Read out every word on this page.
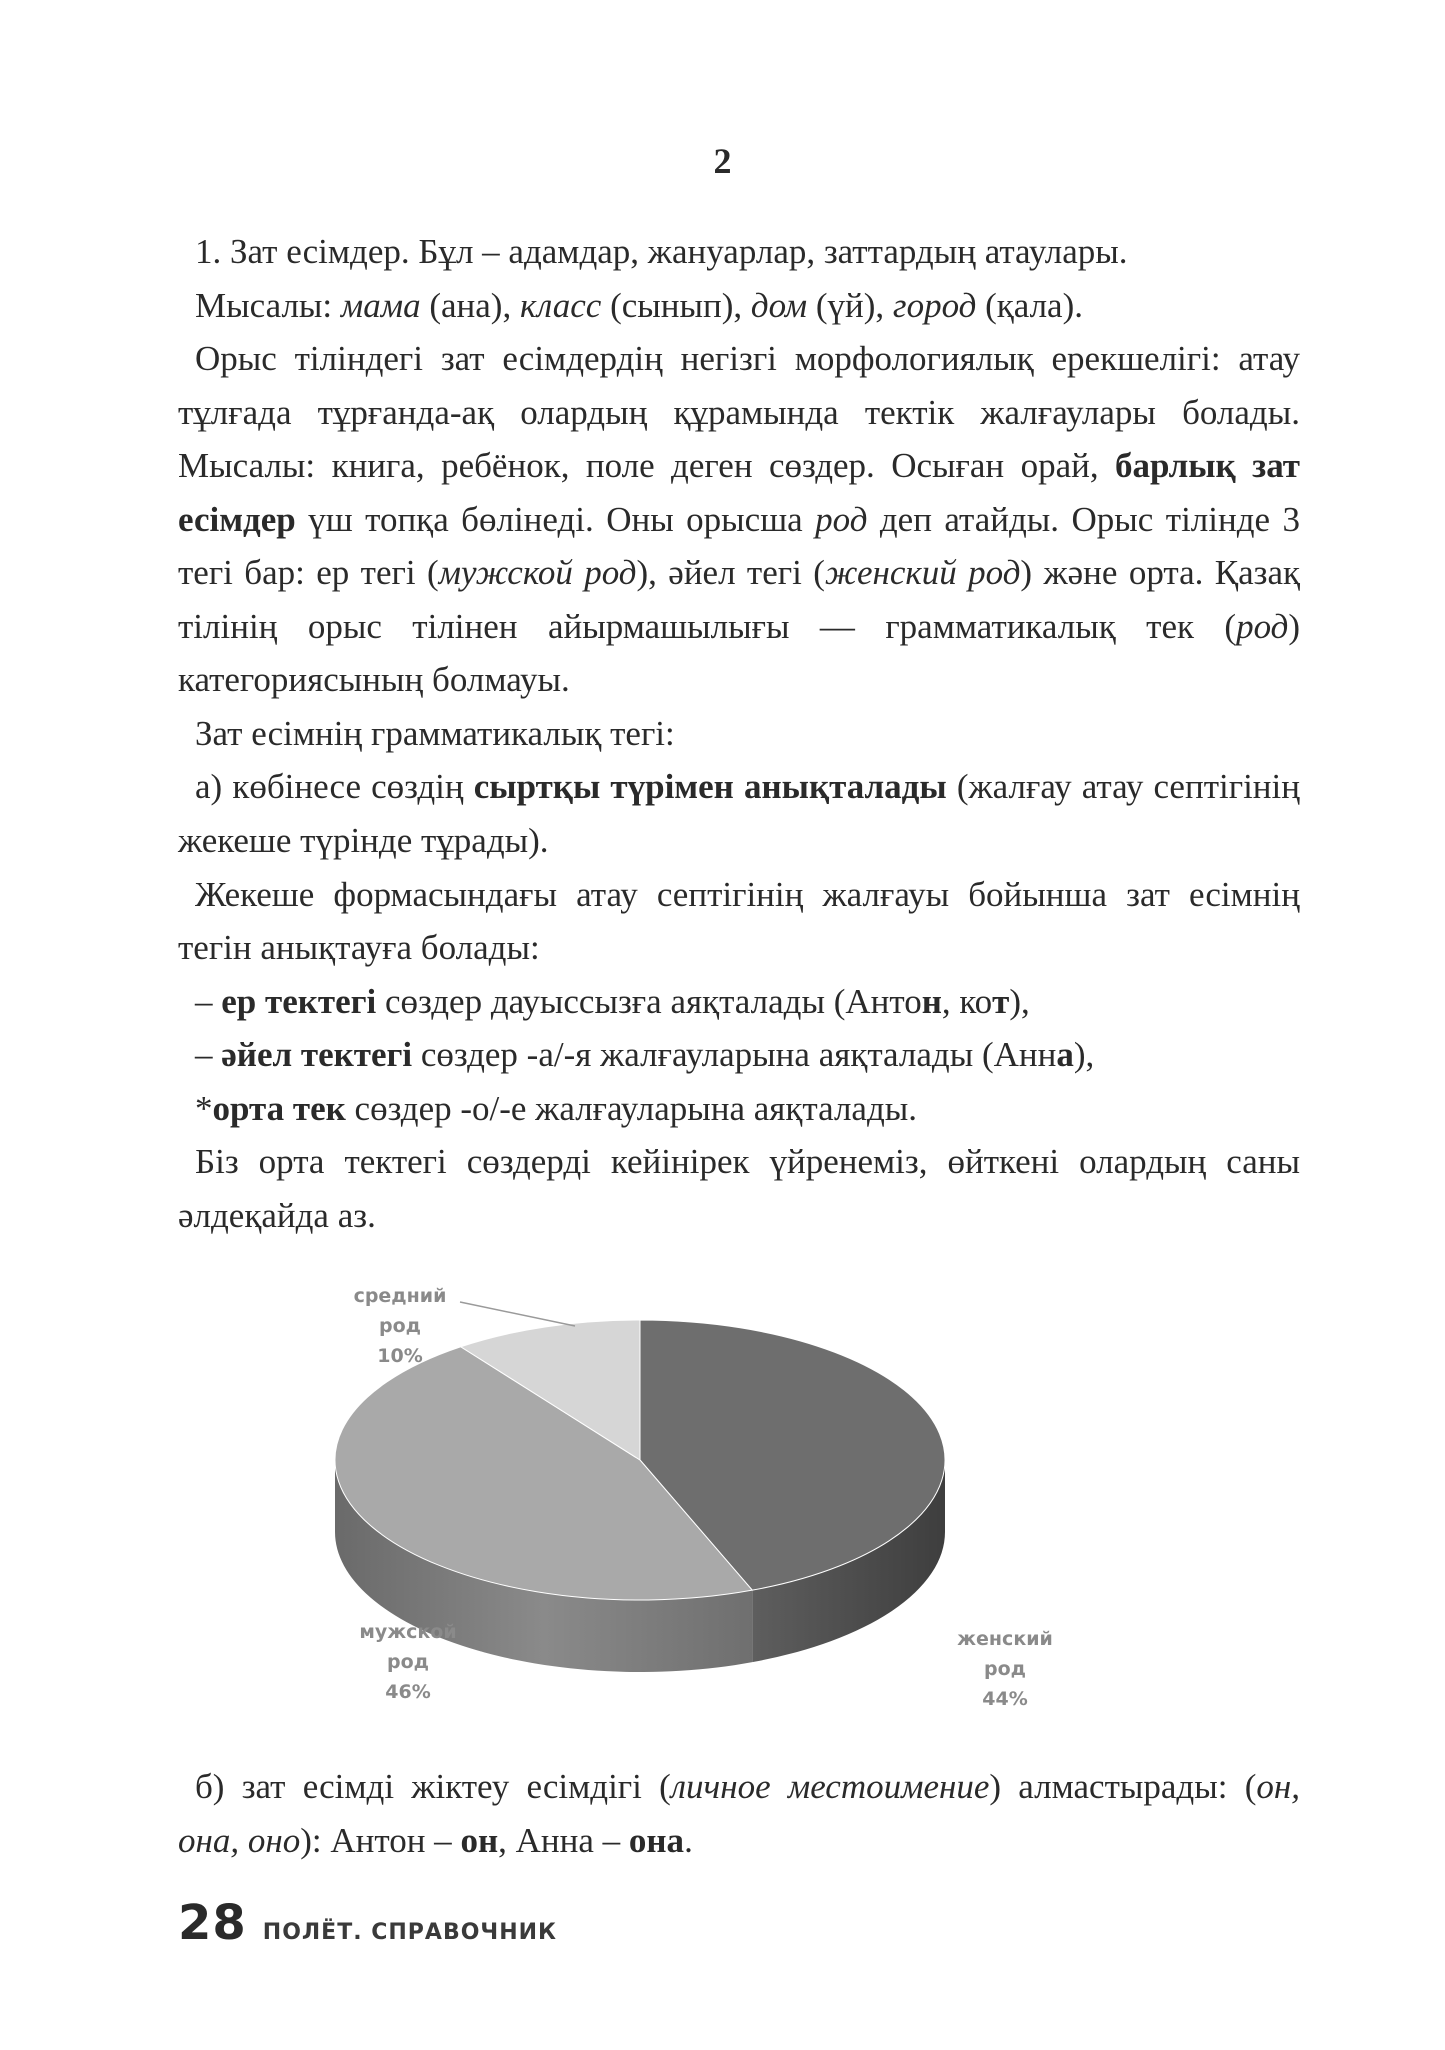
2

1. Зат есімдер. Бұл – адамдар, жануарлар, заттардың атаулары.

Мысалы: мама (ана), класс (сынып), дом (үй), город (қала).

Орыс тіліндегі зат есімдердің негізгі морфологиялық ерекшелігі: атау тұлғада тұрғанда-ақ олардың құрамында тектік жалғаулары болады. Мысалы: книга, ребёнок, поле деген сөздер. Осыған орай, барлық зат есімдер үш топқа бөлінеді. Оны орысша род деп атайды. Орыс тілінде 3 тегі бар: ер тегі (мужской род), әйел тегі (женский род) және орта. Қазақ тілінің орыс тілінен айырмашылығы — грамматикалық тек (род) категориясының болмауы.

Зат есімнің грамматикалық тегі:

а) көбінесе сөздің сыртқы түрімен анықталады (жалғау атау септігінің жекеше түрінде тұрады).

Жекеше формасындағы атау септігінің жалғауы бойынша зат есімнің тегін анықтауға болады:

– ер тектегі сөздер дауыссызға аяқталады (Антон, кот),

– әйел тектегі сөздер -а/-я жалғауларына аяқталады (Анна),

*орта тек сөздер -о/-е жалғауларына аяқталады.

Біз орта тектегі сөздерді кейінірек үйренеміз, өйткені олардың саны әлдеқайда аз.

средний
род
10%
мужской
род
46%
женский
род
44%

б) зат есімді жіктеу есімдігі (личное местоимение) алмастырады: (он, она, оно): Антон – он, Анна – она.

28 ПОЛЁТ. СПРАВОЧНИК
